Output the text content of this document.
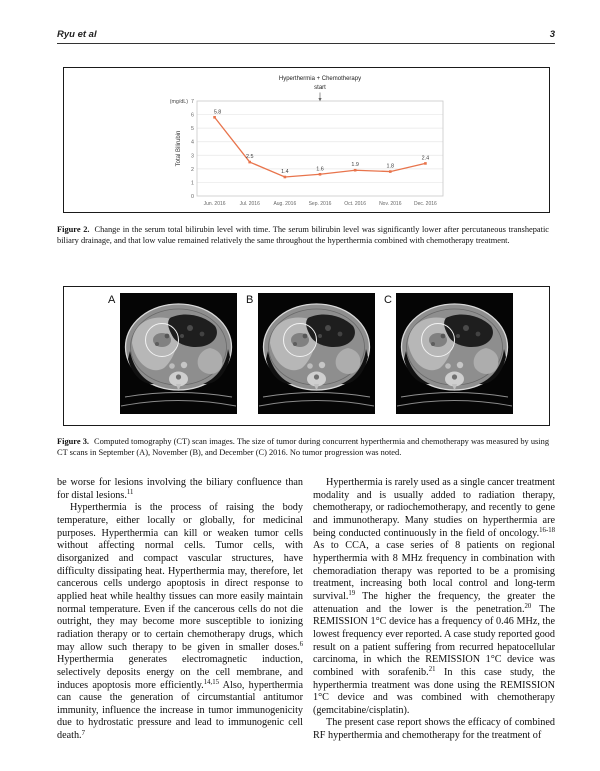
Ryu et al	3
0
1
2
3
4
5
6
7
(mg/dL)
Total Bilirubin
Jun. 2016	Jul. 2016	Aug. 2016 Sep. 2016	Oct. 2016	Nov. 2016	Dec. 2016
5.8
2.5
1.4	1.6
1.9	1.8
2.4
Hyperthermia + Chemotherapy
start
Figure 2. Change in the serum total bilirubin level with time. The serum bilirubin level was significantly lower after percutaneous transhepatic biliary drainage, and that low value remained relatively the same throughout the hyperthermia combined with chemotherapy treatment.
A	B	C
Figure 3. Computed tomography (CT) scan images. The size of tumor during concurrent hyperthermia and chemotherapy was measured by using CT scans in September (A), November (B), and December (C) 2016. No tumor progression was noted.

be worse for lesions involving the biliary confluence than for distal lesions.$^{11}$

Hyperthermia is the process of raising the body temperature, either locally or globally, for medicinal purposes. Hyperthermia can kill or weaken tumor cells without affecting normal cells. Tumor cells, with disorganized and compact vascular structures, have difficulty dissipating heat. Hyperthermia may, therefore, let cancerous cells undergo apoptosis in direct response to applied heat while healthy tissues can more easily maintain normal temperature. Even if the cancerous cells do not die outright, they may become more susceptible to ionizing radiation therapy or to certain chemotherapy drugs, which may allow such therapy to be given in smaller doses.$^6$ Hyperthermia generates electromagnetic induction, selectively deposits energy on the cell membrane, and induces apoptosis more efficiently.$^{14,15}$ Also, hyperthermia can cause the generation of circumstantial antitumor immunity, influence the increase in tumor immunogenicity due to hydrostatic pressure and lead to immunogenic cell death.$^7$

Hyperthermia is rarely used as a single cancer treatment modality and is usually added to radiation therapy, chemotherapy, or radiochemotherapy, and recently to gene and immunotherapy. Many studies on hyperthermia are being conducted continuously in the field of oncology.$^{16-18}$ As to CCA, a case series of 8 patients on regional hyperthermia with 8 MHz frequency in combination with chemoradiation therapy was reported to be a promising treatment, increasing both local control and long-term survival.$^{19}$ The higher the frequency, the greater the attenuation and the lower is the penetration.$^{20}$ The REMISSION 1°C device has a frequency of 0.46 MHz, the lowest frequency ever reported. A case study reported good result on a patient suffering from recurred hepatocellular carcinoma, in which the REMISSION 1°C device was combined with sorafenib.$^{21}$ In this case study, the hyperthermia treatment was done using the REMISSION 1°C device and was combined with chemotherapy (gemcitabine/cisplatin).

The present case report shows the efficacy of combined RF hyperthermia and chemotherapy for the treatment of
